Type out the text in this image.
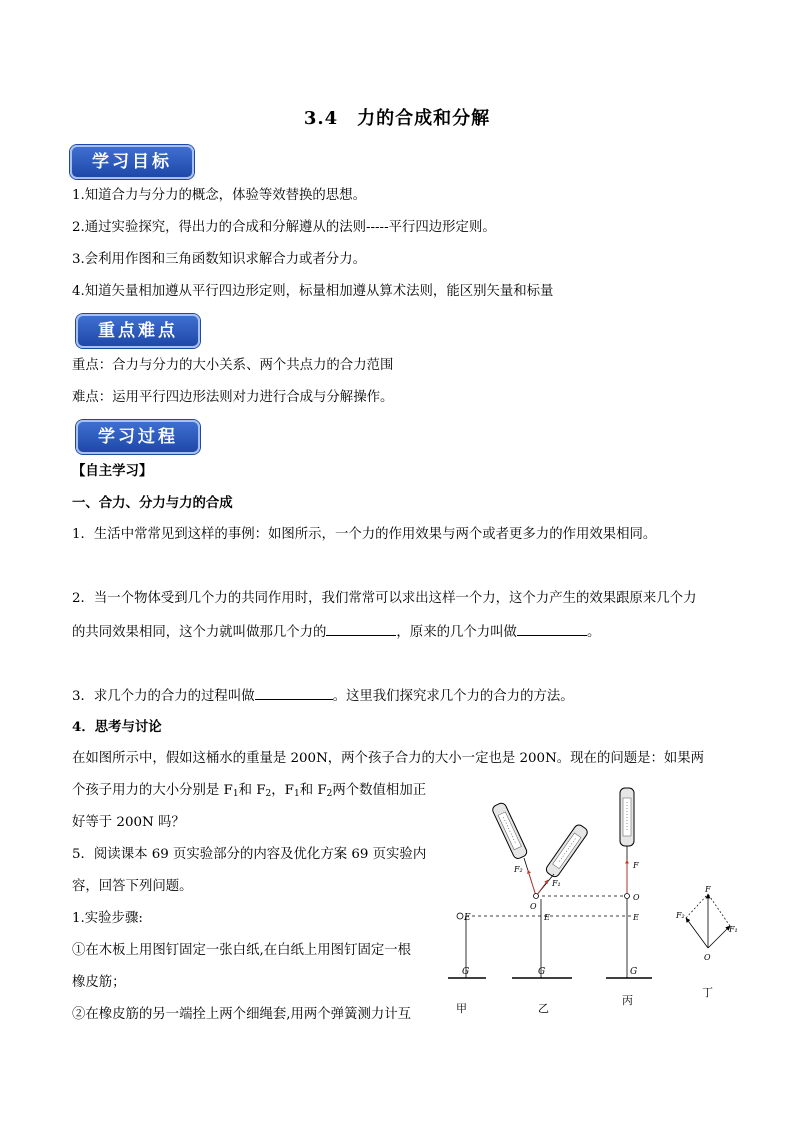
3.4　力的合成和分解
学习目标
1.知道合力与分力的概念，体验等效替换的思想。
2.通过实验探究，得出力的合成和分解遵从的法则-----平行四边形定则。
3.会利用作图和三角函数知识求解合力或者分力。
4.知道矢量相加遵从平行四边形定则，标量相加遵从算术法则，能区别矢量和标量
重点难点
重点：合力与分力的大小关系、两个共点力的合力范围
难点：运用平行四边形法则对力进行合成与分解操作。
学习过程
【自主学习】
一、合力、分力与力的合成
1．生活中常常见到这样的事例：如图所示，一个力的作用效果与两个或者更多力的作用效果相同。
2．当一个物体受到几个力的共同作用时，我们常常可以求出这样一个力，这个力产生的效果跟原来几个力
的共同效果相同，这个力就叫做那几个力的	，原来的几个力叫做	。
3．求几个力的合力的过程叫做	。这里我们探究求几个力的合力的方法。
4．思考与讨论
在如图所示中，假如这桶水的重量是 200N，两个孩子合力的大小一定也是 200N。现在的问题是：如果两
个孩子用力的大小分别是 $F_1$和 $F_2$，$F_1$和 $F_2$两个数值相加正
好等于 200N 吗？
5．阅读课本 69 页实验部分的内容及优化方案 69 页实验内
容，回答下列问题。
1.实验步骤:
①在木板上用图钉固定一张白纸,在白纸上用图钉固定一根
橡皮筋；
②在橡皮筋的另一端拴上两个细绳套,用两个弹簧测力计互
E
G
甲
F₂
F₁
O
E
G
乙
F
O
E
G
丙
F
F₂
F₁
O
丁
